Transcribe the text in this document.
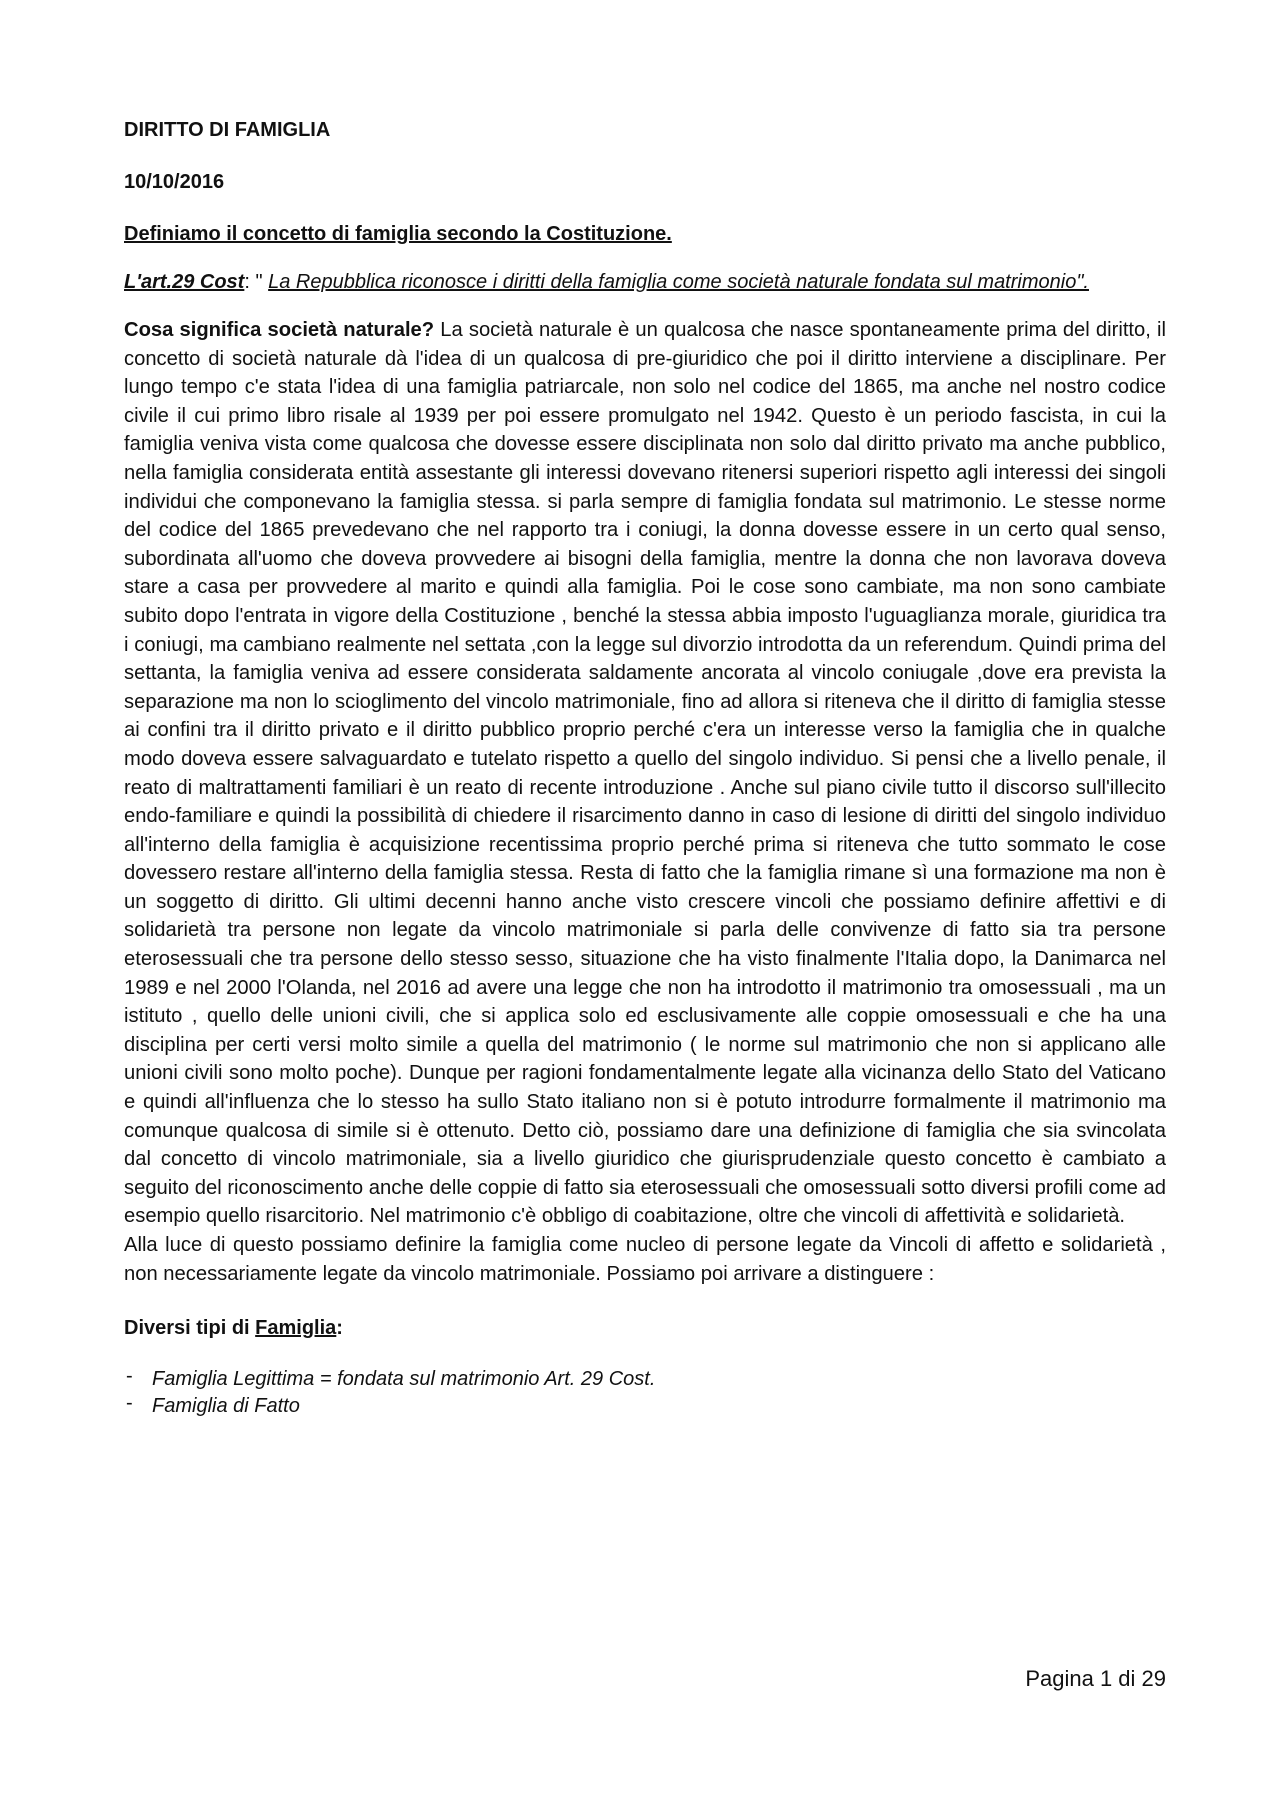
DIRITTO DI FAMIGLIA
10/10/2016
Definiamo il concetto di famiglia secondo la Costituzione.

L'art.29 Cost: " La Repubblica riconosce i diritti della famiglia come società naturale fondata sul matrimonio".

Cosa significa società naturale? La società naturale è un qualcosa che nasce spontaneamente prima del diritto, il concetto di società naturale dà l'idea di un qualcosa di pre-giuridico che poi il diritto interviene a disciplinare. Per lungo tempo c'e stata l'idea di una famiglia patriarcale, non solo nel codice del 1865, ma anche nel nostro codice civile il cui primo libro risale al 1939 per poi essere promulgato nel 1942. Questo è un periodo fascista, in cui la famiglia veniva vista come qualcosa che dovesse essere disciplinata non solo dal diritto privato ma anche pubblico, nella famiglia considerata entità assestante gli interessi dovevano ritenersi superiori rispetto agli interessi dei singoli individui che componevano la famiglia stessa. si parla sempre di famiglia fondata sul matrimonio. Le stesse norme del codice del 1865 prevedevano che nel rapporto tra i coniugi, la donna dovesse essere in un certo qual senso, subordinata all'uomo che doveva provvedere ai bisogni della famiglia, mentre la donna che non lavorava doveva stare a casa per provvedere al marito e quindi alla famiglia. Poi le cose sono cambiate, ma non sono cambiate subito dopo l'entrata in vigore della Costituzione , benché la stessa abbia imposto l'uguaglianza morale, giuridica tra i coniugi, ma cambiano realmente nel settata ,con la legge sul divorzio introdotta da un referendum. Quindi prima del settanta, la famiglia veniva ad essere considerata saldamente ancorata al vincolo coniugale ,dove era prevista la separazione ma non lo scioglimento del vincolo matrimoniale, fino ad allora si riteneva che il diritto di famiglia stesse ai confini tra il diritto privato e il diritto pubblico proprio perché c'era un interesse verso la famiglia che in qualche modo doveva essere salvaguardato e tutelato rispetto a quello del singolo individuo. Si pensi che a livello penale, il reato di maltrattamenti familiari è un reato di recente introduzione . Anche sul piano civile tutto il discorso sull'illecito endo-familiare e quindi la possibilità di chiedere il risarcimento danno in caso di lesione di diritti del singolo individuo all'interno della famiglia è acquisizione recentissima proprio perché prima si riteneva che tutto sommato le cose dovessero restare all'interno della famiglia stessa. Resta di fatto che la famiglia rimane sì una formazione ma non è un soggetto di diritto. Gli ultimi decenni hanno anche visto crescere vincoli che possiamo definire affettivi e di solidarietà tra persone non legate da vincolo matrimoniale si parla delle convivenze di fatto sia tra persone eterosessuali che tra persone dello stesso sesso, situazione che ha visto finalmente l'Italia dopo, la Danimarca nel 1989 e nel 2000 l'Olanda, nel 2016 ad avere una legge che non ha introdotto il matrimonio tra omosessuali , ma un istituto , quello delle unioni civili, che si applica solo ed esclusivamente alle coppie omosessuali e che ha una disciplina per certi versi molto simile a quella del matrimonio ( le norme sul matrimonio che non si applicano alle unioni civili sono molto poche). Dunque per ragioni fondamentalmente legate alla vicinanza dello Stato del Vaticano e quindi all'influenza che lo stesso ha sullo Stato italiano non si è potuto introdurre formalmente il matrimonio ma comunque qualcosa di simile si è ottenuto. Detto ciò, possiamo dare una definizione di famiglia che sia svincolata dal concetto di vincolo matrimoniale, sia a livello giuridico che giurisprudenziale questo concetto è cambiato a seguito del riconoscimento anche delle coppie di fatto sia eterosessuali che omosessuali sotto diversi profili come ad esempio quello risarcitorio. Nel matrimonio c'è obbligo di coabitazione, oltre che vincoli di affettività e solidarietà.

Alla luce di questo possiamo definire la famiglia come nucleo di persone legate da Vincoli di affetto e solidarietà , non necessariamente legate da vincolo matrimoniale. Possiamo poi arrivare a distinguere :

Diversi tipi di Famiglia:
- Famiglia Legittima = fondata sul matrimonio Art. 29 Cost.
- Famiglia di Fatto
Pagina 1 di 29
